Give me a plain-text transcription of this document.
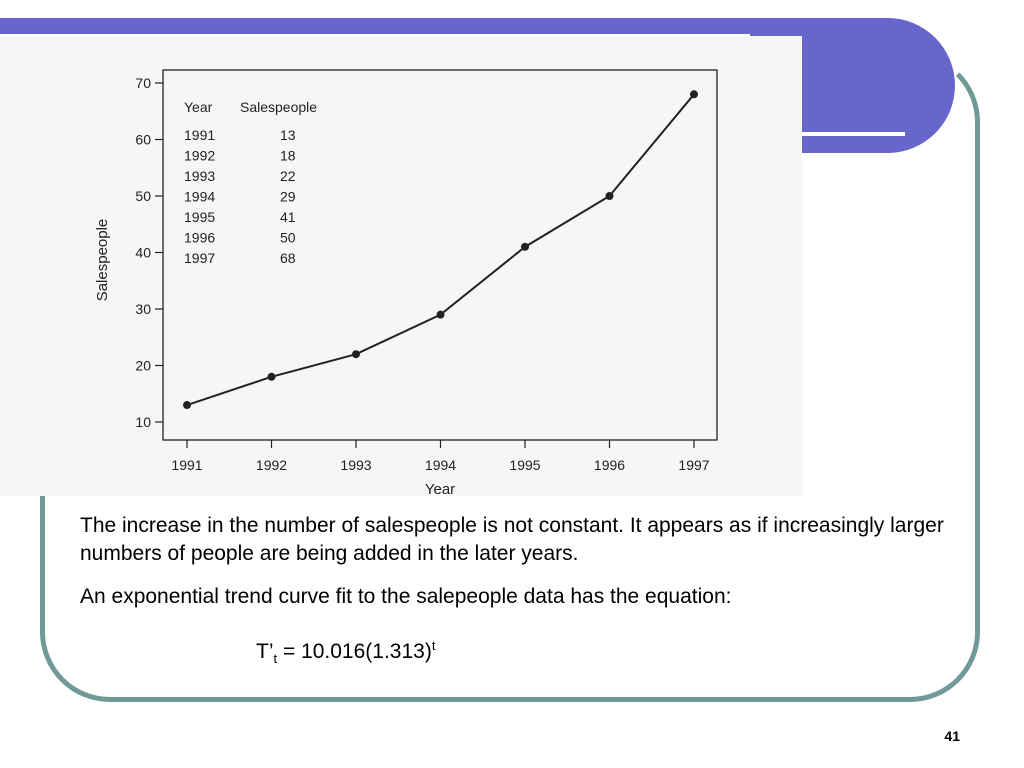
10
20
30
40
50
60
70
1991	1992	1993	1994	1995	1996	1997
Year
Salespeople
Year Salespeople
1991	13
1992	18
1993	22
1994	29
1995	41
1996	50
1997	68

The increase in the number of salespeople is not constant. It appears as if increasingly larger numbers of people are being added in the later years.

An exponential trend curve fit to the salepeople data has the equation:

$T’_t = 10.016(1.313)^t$
41
